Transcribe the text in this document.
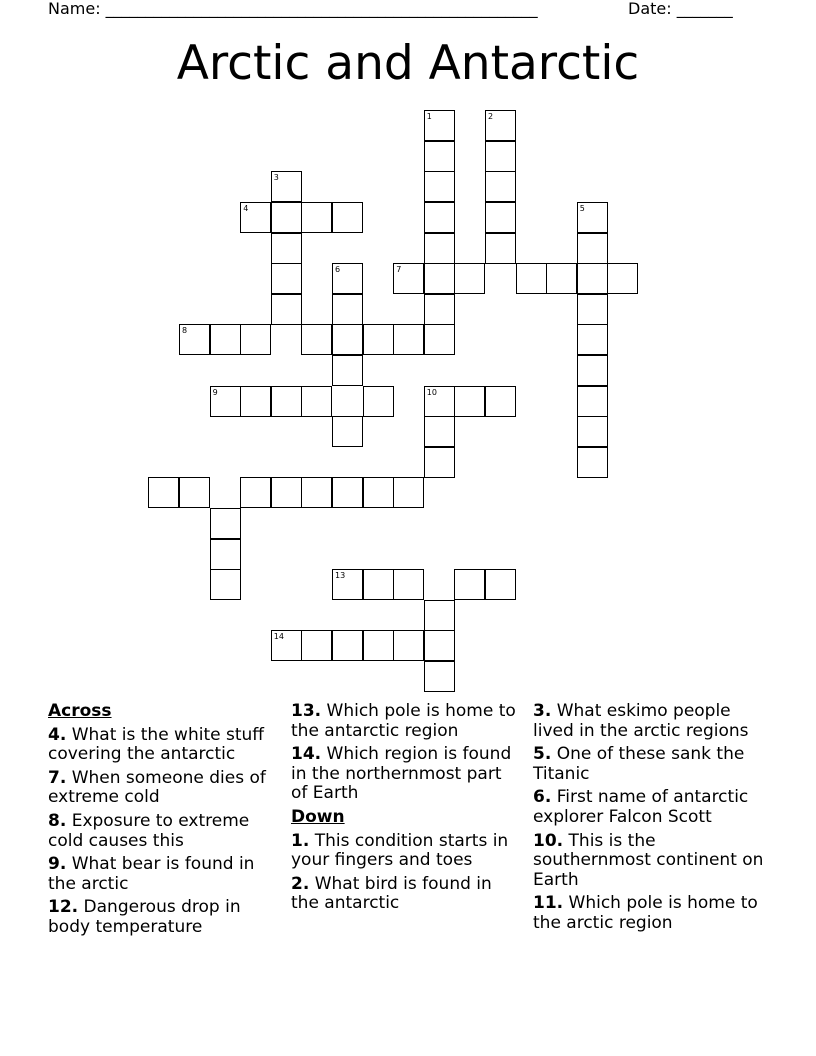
Name: ______________________________________________________	Date: _______
Arctic and Antarctic
1	2
3
4	5
6	7
8
9	10
13
14
Across
4. What is the white stuff covering the antarctic
7. When someone dies of extreme cold
8. Exposure to extreme cold causes this
9. What bear is found in the arctic
12. Dangerous drop in body temperature
13. Which pole is home to the antarctic region
14. Which region is found in the northernmost part of Earth
Down
1. This condition starts in your fingers and toes
2. What bird is found in the antarctic
3. What eskimo people lived in the arctic regions
5. One of these sank the Titanic
6. First name of antarctic explorer Falcon Scott
10. This is the southernmost continent on Earth
11. Which pole is home to the arctic region
